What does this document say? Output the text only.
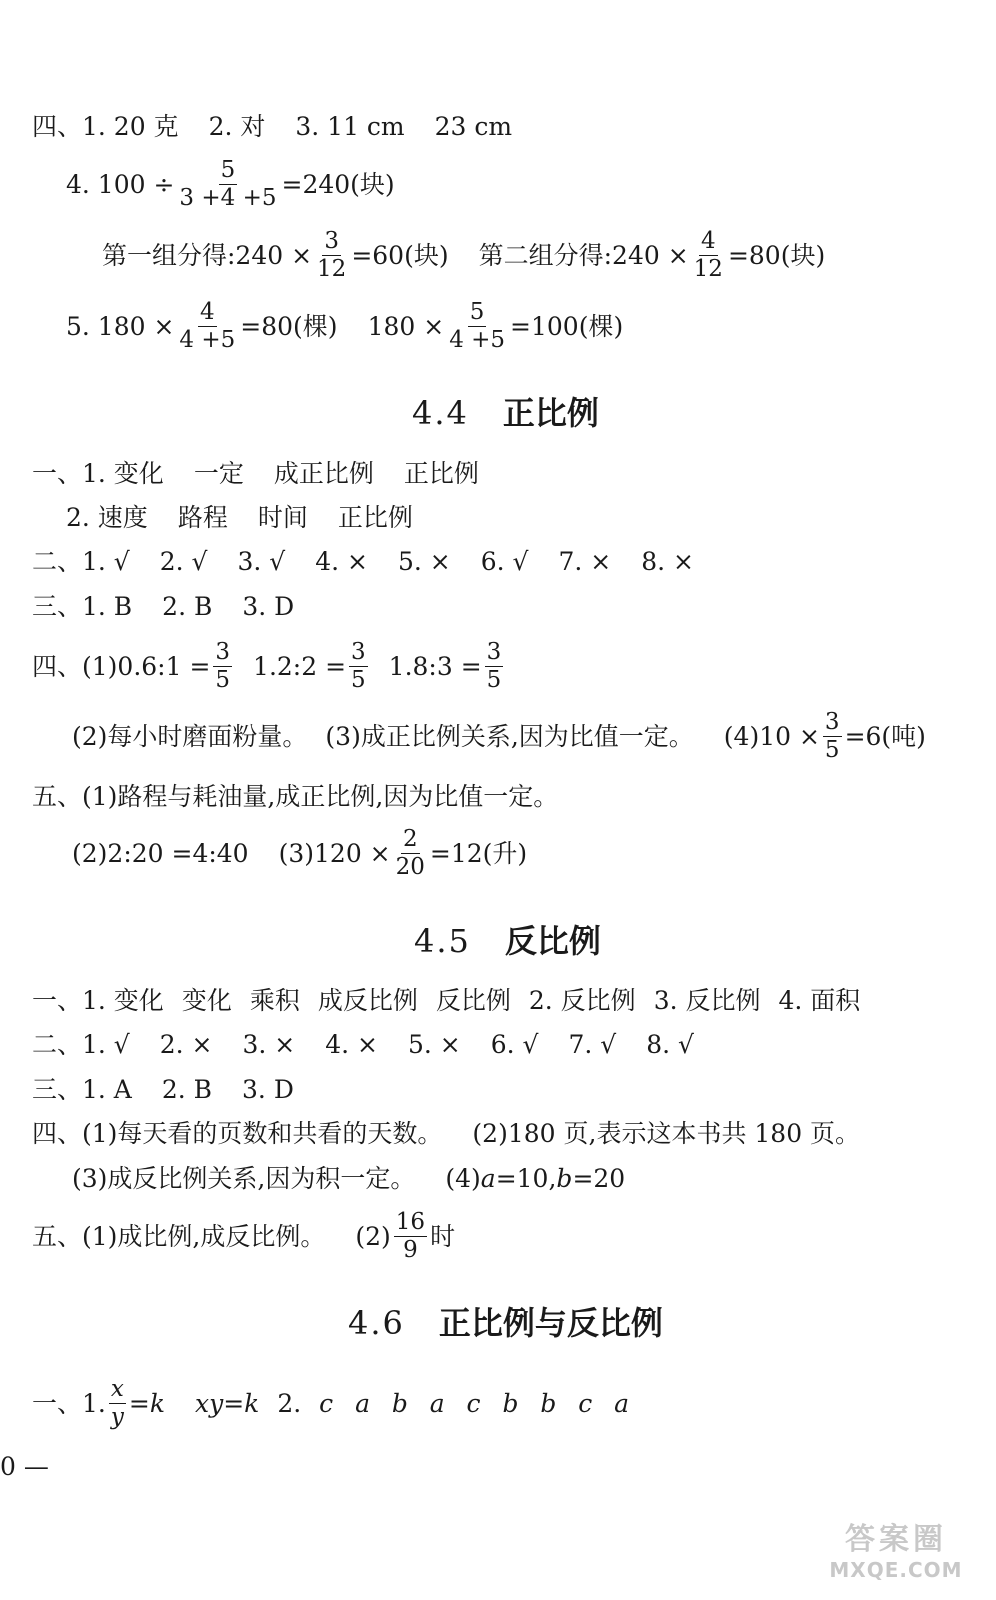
四、1. 20 克 2. 对 3. 11 cm 23 cm
4. $100 \div \frac{5}{3 +4 +5} =240$(块)
第一组分得:240 × $\frac{3}{12} =60$(块) 第二组分得:240 × $\frac{4}{12} =80$(块)
5. $180 \times \frac{4}{4 +5} =80$(棵) $180 \times \frac{5}{4 +5} =100$(棵)
4.4 正比例
一、1. 变化 一定 成正比例 正比例
2. 速度 路程 时间 正比例
二、1. √ 2. √ 3. √ 4. × 5. × 6. √ 7. × 8. ×
三、1. B 2. B 3. D
四、(1)0.6:1 = $\frac{3}{5}$ 1.2:2 = $\frac{3}{5}$ 1.8:3 = $\frac{3}{5}$
(2)每小时磨面粉量。 (3)成正比例关系,因为比值一定。 $(4)10 \times \frac{3}{5} =6$(吨)
五、(1)路程与耗油量,成正比例,因为比值一定。
(2)2:20 =4:40 $(3)120 \times \frac{2}{20} =12$(升)
4.5 反比例
一、1. 变化 变化 乘积 成反比例 反比例 2. 反比例 3. 反比例 4. 面积
二、1. √ 2. × 3. × 4. × 5. × 6. √ 7. √ 8. √
三、1. A 2. B 3. D
四、(1)每天看的页数和共看的天数。 (2)180 页,表示这本书共 180 页。
(3)成反比例关系,因为积一定。 (4) a =10, b =20
五、(1)成比例,成反比例。 $(2) \frac{16}{9}$ 时
4.6 正比例与反比例
一、1. $\frac{x}{y} = k$ xy = k 2. c  a  b  a  c  b  b  c  a
0 —
答案圈
MXQE.COM
